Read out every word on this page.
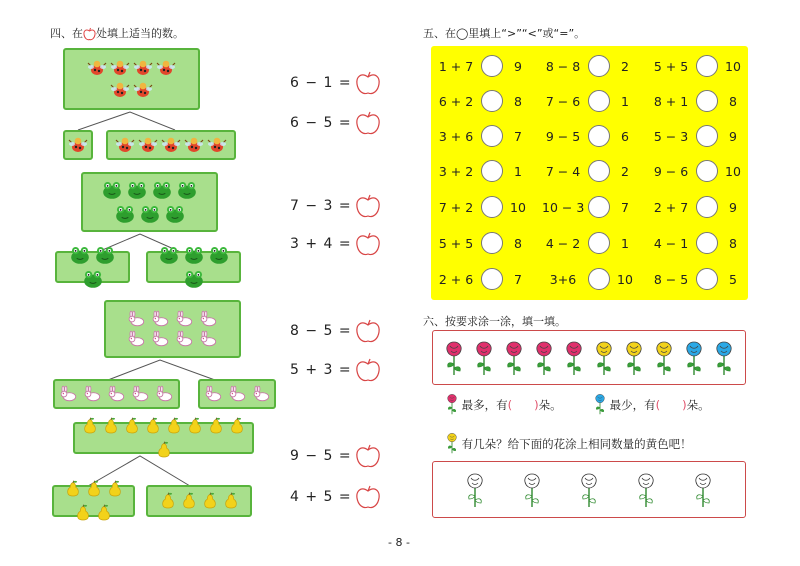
四、在 处填上适当的数。
6 − 1 =
6 − 5 =
7 − 3 =
3 + 4 =
8 − 5 =
5 + 3 =
9 − 5 =
4 + 5 =
五、在◯里填上“>”“<”或“=”。
1 + 7	9	8 − 8	2	5 + 5	10
6 + 2	8	7 − 6	1	8 + 1	8
3 + 6	7	9 − 5	6	5 − 3	9
3 + 2	1	7 − 4	2	9 − 6	10
7 + 2	10 10 − 3	7	2 + 7	9
5 + 5	8	4 − 2	1	4 − 1	8
2 + 6	7	3+6	10	8 − 5	5
六、按要求涂一涂，填一填。
最多，有( )朵。	最少，有( )朵。
有几朵？给下面的花涂上相同数量的黄色吧！
- 8 -
